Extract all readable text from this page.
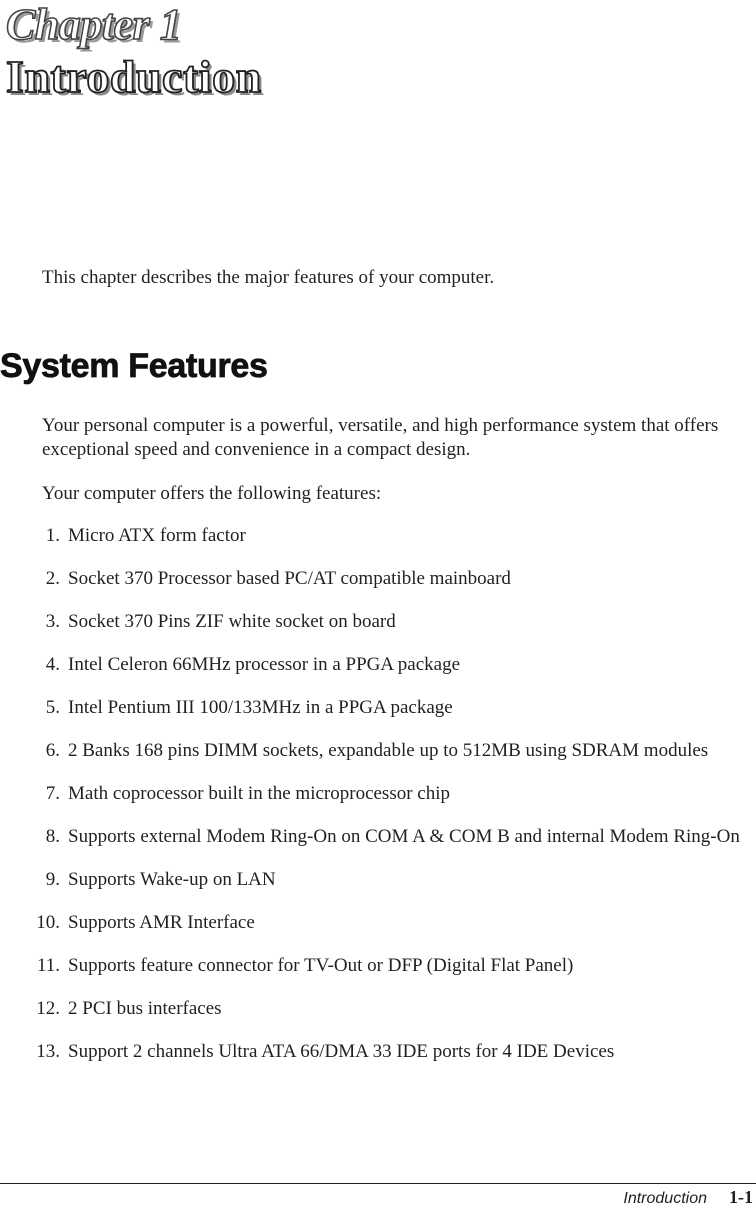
Chapter 1
Introduction

This chapter describes the major features of your computer.

System Features

Your personal computer is a powerful, versatile, and high performance system that offers exceptional speed and convenience in a compact design.

Your computer offers the following features:

1. Micro ATX form factor
2. Socket 370 Processor based PC/AT compatible mainboard
3. Socket 370 Pins ZIF white socket on board
4. Intel Celeron 66MHz processor in a PPGA package
5. Intel Pentium III 100/133MHz in a PPGA package
6. 2 Banks 168 pins DIMM sockets, expandable up to 512MB using SDRAM modules
7. Math coprocessor built in the microprocessor chip
8. Supports external Modem Ring-On on COM A & COM B and internal Modem Ring-On
9. Supports Wake-up on LAN
10. Supports AMR Interface
11. Supports feature connector for TV-Out or DFP (Digital Flat Panel)
12. 2 PCI bus interfaces
13. Support 2 channels Ultra ATA 66/DMA 33 IDE ports for 4 IDE Devices
Introduction 1-1
